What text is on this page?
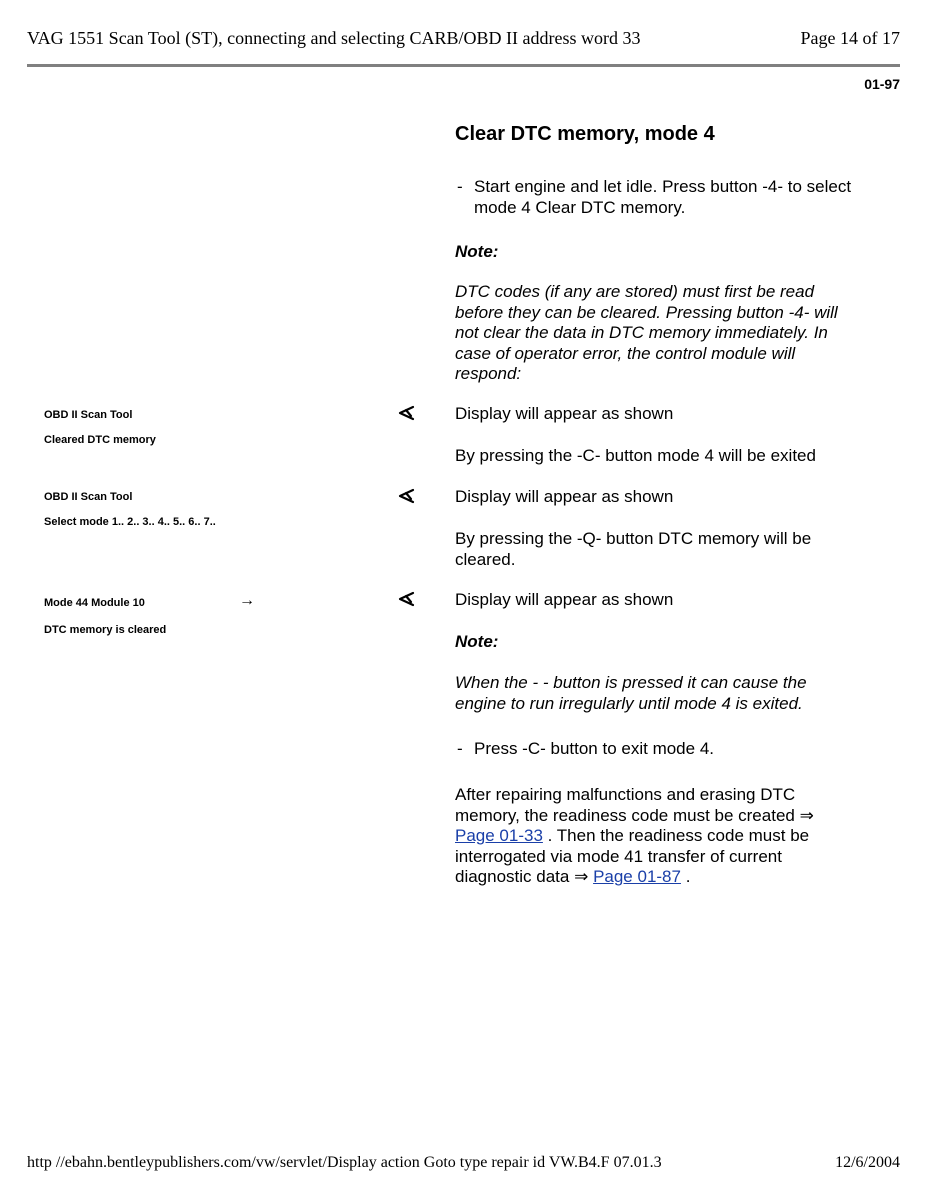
VAG 1551 Scan Tool (ST), connecting and selecting CARB/OBD II address word 33	Page 14 of 17
01-97
Clear DTC memory, mode 4
- Start engine and let idle. Press button -4- to select mode 4 Clear DTC memory.
Note:
DTC codes (if any are stored) must first be read before they can be cleared. Pressing button -4- will not clear the data in DTC memory immediately. In case of operator error, the control module will respond:
OBD II Scan Tool
Cleared DTC memory
Display will appear as shown
By pressing the -C- button mode 4 will be exited
OBD II Scan Tool
Select mode 1.. 2.. 3.. 4.. 5.. 6.. 7..
Display will appear as shown
By pressing the -Q- button DTC memory will be cleared.
Mode 44 Module 10	→
DTC memory is cleared
Display will appear as shown
Note:
When the - - button is pressed it can cause the engine to run irregularly until mode 4 is exited.
- Press -C- button to exit mode 4.
After repairing malfunctions and erasing DTC memory, the readiness code must be created ⇒ Page 01-33 . Then the readiness code must be interrogated via mode 41 transfer of current diagnostic data ⇒ Page 01-87 .
http //ebahn.bentleypublishers.com/vw/servlet/Display action Goto type repair id VW.B4.F 07.01.3	12/6/2004
